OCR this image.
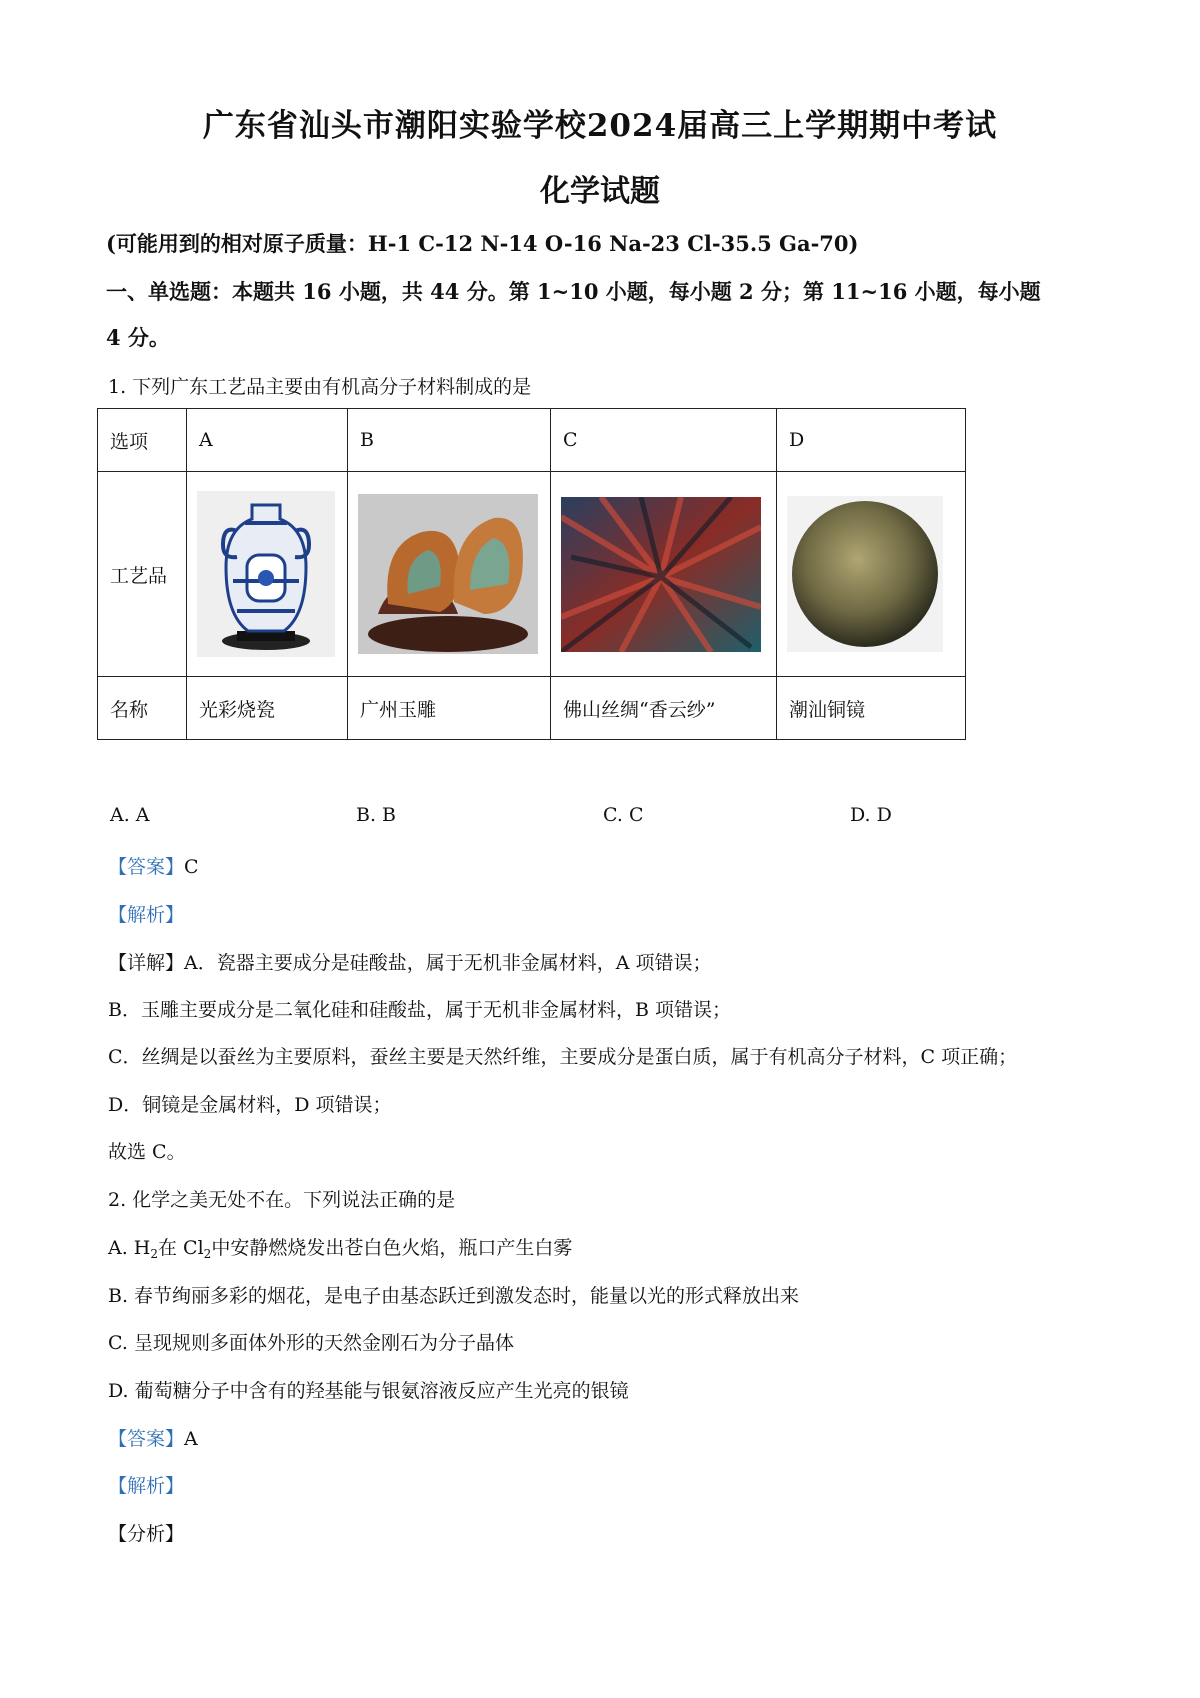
广东省汕头市潮阳实验学校2024届高三上学期期中考试
化学试题
(可能用到的相对原子质量：H-1 C-12 N-14 O-16 Na-23 Cl-35.5 Ga-70)
一、单选题：本题共 16 小题，共 44 分。第 1~10 小题，每小题 2 分；第 11~16 小题，每小题
4 分。
1. 下列广东工艺品主要由有机高分子材料制成的是
选项	A	B	C	D
工艺品	

名称	光彩烧瓷	广州玉雕	佛山丝绸“香云纱”	潮汕铜镜
A. A	B. B	C. C	D. D
【答案】C
【解析】
【详解】A．瓷器主要成分是硅酸盐，属于无机非金属材料，A 项错误；
B．玉雕主要成分是二氧化硅和硅酸盐，属于无机非金属材料，B 项错误；
C．丝绸是以蚕丝为主要原料，蚕丝主要是天然纤维，主要成分是蛋白质，属于有机高分子材料，C 项正确；
D．铜镜是金属材料，D 项错误；
故选 C。
2. 化学之美无处不在。下列说法正确的是
A. $H_2$在 $Cl_2$中安静燃烧发出苍白色火焰，瓶口产生白雾
B. 春节绚丽多彩的烟花，是电子由基态跃迁到激发态时，能量以光的形式释放出来
C. 呈现规则多面体外形的天然金刚石为分子晶体
D. 葡萄糖分子中含有的羟基能与银氨溶液反应产生光亮的银镜
【答案】A
【解析】
【分析】
